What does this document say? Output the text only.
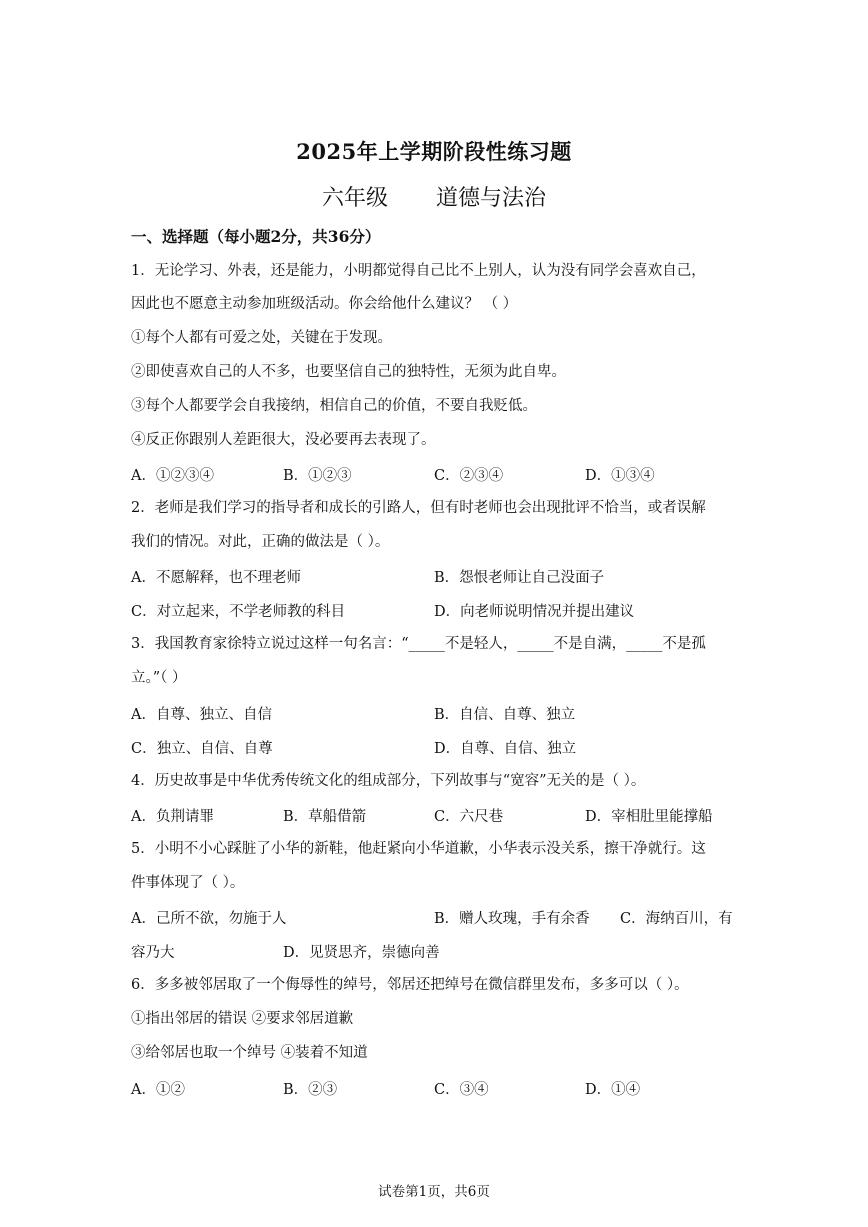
2025年上学期阶段性练习题
六年级 道德与法治
一、选择题（每小题2分，共36分）
1．无论学习、外表，还是能力，小明都觉得自己比不上别人，认为没有同学会喜欢自己，
因此也不愿意主动参加班级活动。你会给他什么建议？ （ ）
①每个人都有可爱之处，关键在于发现。
②即使喜欢自己的人不多，也要坚信自己的独特性，无须为此自卑。
③每个人都要学会自我接纳，相信自己的价值，不要自我贬低。
④反正你跟别人差距很大，没必要再去表现了。
A．①②③④	B．①②③	C．②③④	D．①③④
2．老师是我们学习的指导者和成长的引路人，但有时老师也会出现批评不恰当，或者误解
我们的情况。对此，正确的做法是（ ）。
A．不愿解释，也不理老师	B．怨恨老师让自己没面子
C．对立起来，不学老师教的科目	D．向老师说明情况并提出建议
3．我国教育家徐特立说过这样一句名言：“_____不是轻人，_____不是自满，_____不是孤
立。”（ ）
A．自尊、独立、自信	B．自信、自尊、独立
C．独立、自信、自尊	D．自尊、自信、独立
4．历史故事是中华优秀传统文化的组成部分，下列故事与“宽容”无关的是（ ）。
A．负荆请罪	B．草船借箭	C．六尺巷	D．宰相肚里能撑船
5．小明不小心踩脏了小华的新鞋，他赶紧向小华道歉，小华表示没关系，擦干净就行。这
件事体现了（ ）。
A．己所不欲，勿施于人	B．赠人玫瑰，手有余香 C．海纳百川，有
容乃大	D．见贤思齐，崇德向善
6．多多被邻居取了一个侮辱性的绰号，邻居还把绰号在微信群里发布，多多可以（ ）。
①指出邻居的错误 ②要求邻居道歉
③给邻居也取一个绰号 ④装着不知道
A．①②	B．②③	C．③④	D．①④
试卷第1页，共6页
